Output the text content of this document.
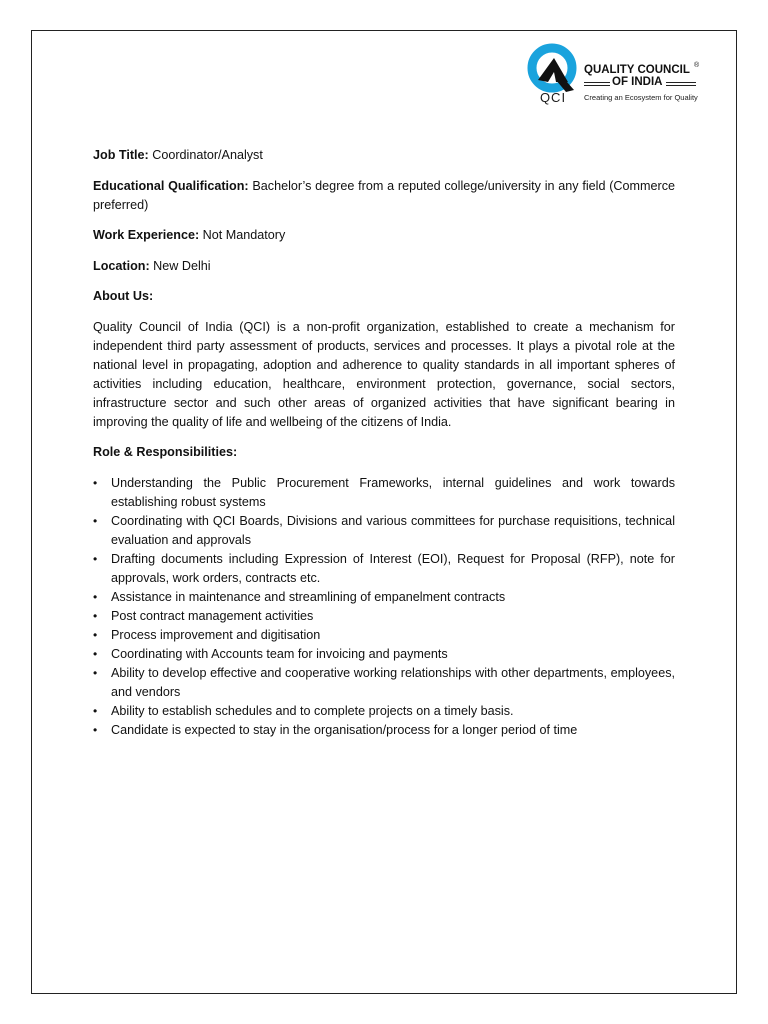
QCI
QUALITY COUNCIL ®
OF INDIA
Creating an Ecosystem for Quality

Job Title: Coordinator/Analyst

Educational Qualification: Bachelor’s degree from a reputed college/university in any field (Commerce preferred)

Work Experience: Not Mandatory

Location: New Delhi

About Us:

Quality Council of India (QCI) is a non-profit organization, established to create a mechanism for independent third party assessment of products, services and processes. It plays a pivotal role at the national level in propagating, adoption and adherence to quality standards in all important spheres of activities including education, healthcare, environment protection, governance, social sectors, infrastructure sector and such other areas of organized activities that have significant bearing in improving the quality of life and wellbeing of the citizens of India.

Role & Responsibilities:

• Understanding the Public Procurement Frameworks, internal guidelines and work towards establishing robust systems
• Coordinating with QCI Boards, Divisions and various committees for purchase requisitions, technical evaluation and approvals
• Drafting documents including Expression of Interest (EOI), Request for Proposal (RFP), note for approvals, work orders, contracts etc.
• Assistance in maintenance and streamlining of empanelment contracts
• Post contract management activities
• Process improvement and digitisation
• Coordinating with Accounts team for invoicing and payments
• Ability to develop effective and cooperative working relationships with other departments, employees, and vendors
• Ability to establish schedules and to complete projects on a timely basis.
• Candidate is expected to stay in the organisation/process for a longer period of time
